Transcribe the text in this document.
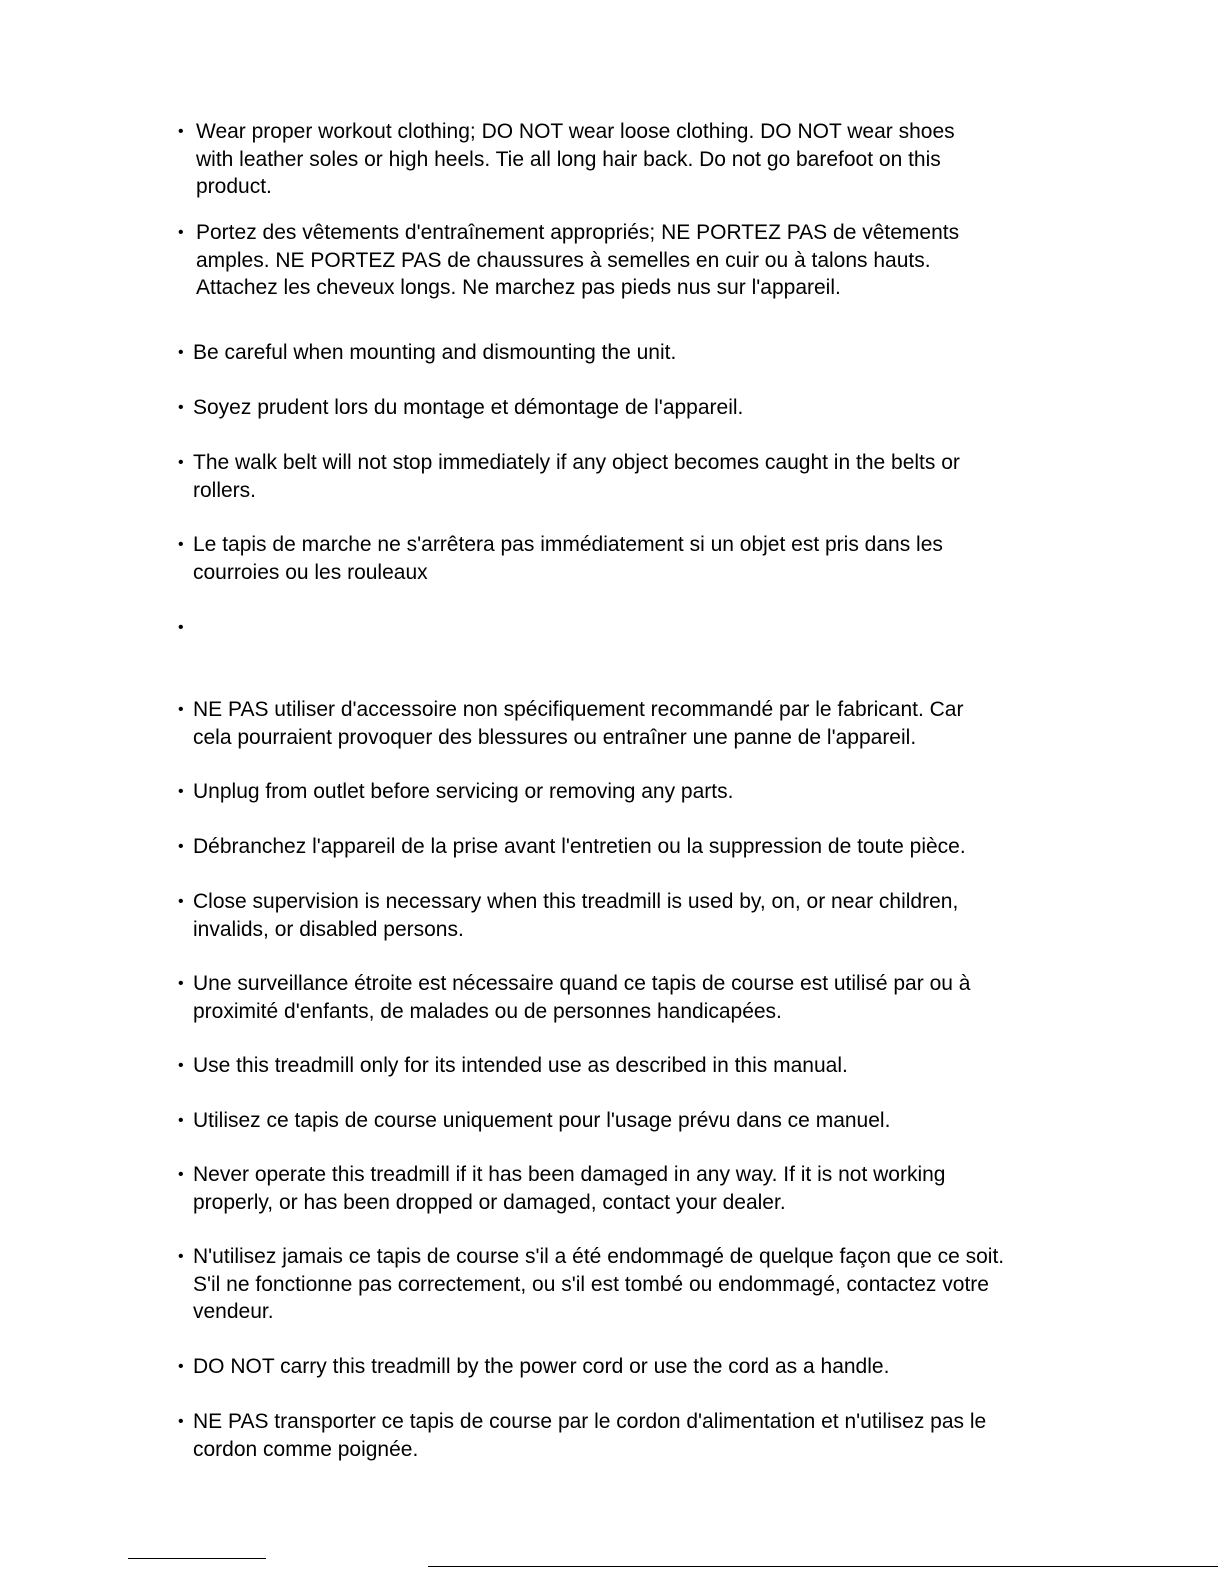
• Wear proper workout clothing; DO NOT wear loose clothing. DO NOT wear shoes
with leather soles or high heels. Tie all long hair back. Do not go barefoot on this
product.
• Portez des vêtements d'entraînement appropriés; NE PORTEZ PAS de vêtements
amples. NE PORTEZ PAS de chaussures à semelles en cuir ou à talons hauts.
Attachez les cheveux longs. Ne marchez pas pieds nus sur l'appareil.
• Be careful when mounting and dismounting the unit.
• Soyez prudent lors du montage et démontage de l'appareil.
• The walk belt will not stop immediately if any object becomes caught in the belts or
rollers.
• Le tapis de marche ne s'arrêtera pas immédiatement si un objet est pris dans les
courroies ou les rouleaux
•
• NE PAS utiliser d'accessoire non spécifiquement recommandé par le fabricant. Car
cela pourraient provoquer des blessures ou entraîner une panne de l'appareil.
• Unplug from outlet before servicing or removing any parts.
• Débranchez l'appareil de la prise avant l'entretien ou la suppression de toute pièce.
• Close supervision is necessary when this treadmill is used by, on, or near children,
invalids, or disabled persons.
• Une surveillance étroite est nécessaire quand ce tapis de course est utilisé par ou à
proximité d'enfants, de malades ou de personnes handicapées.
• Use this treadmill only for its intended use as described in this manual.
• Utilisez ce tapis de course uniquement pour l'usage prévu dans ce manuel.
• Never operate this treadmill if it has been damaged in any way. If it is not working
properly, or has been dropped or damaged, contact your dealer.
• N'utilisez jamais ce tapis de course s'il a été endommagé de quelque façon que ce soit.
S'il ne fonctionne pas correctement, ou s'il est tombé ou endommagé, contactez votre
vendeur.
• DO NOT carry this treadmill by the power cord or use the cord as a handle.
• NE PAS transporter ce tapis de course par le cordon d'alimentation et n'utilisez pas le
cordon comme poignée.
